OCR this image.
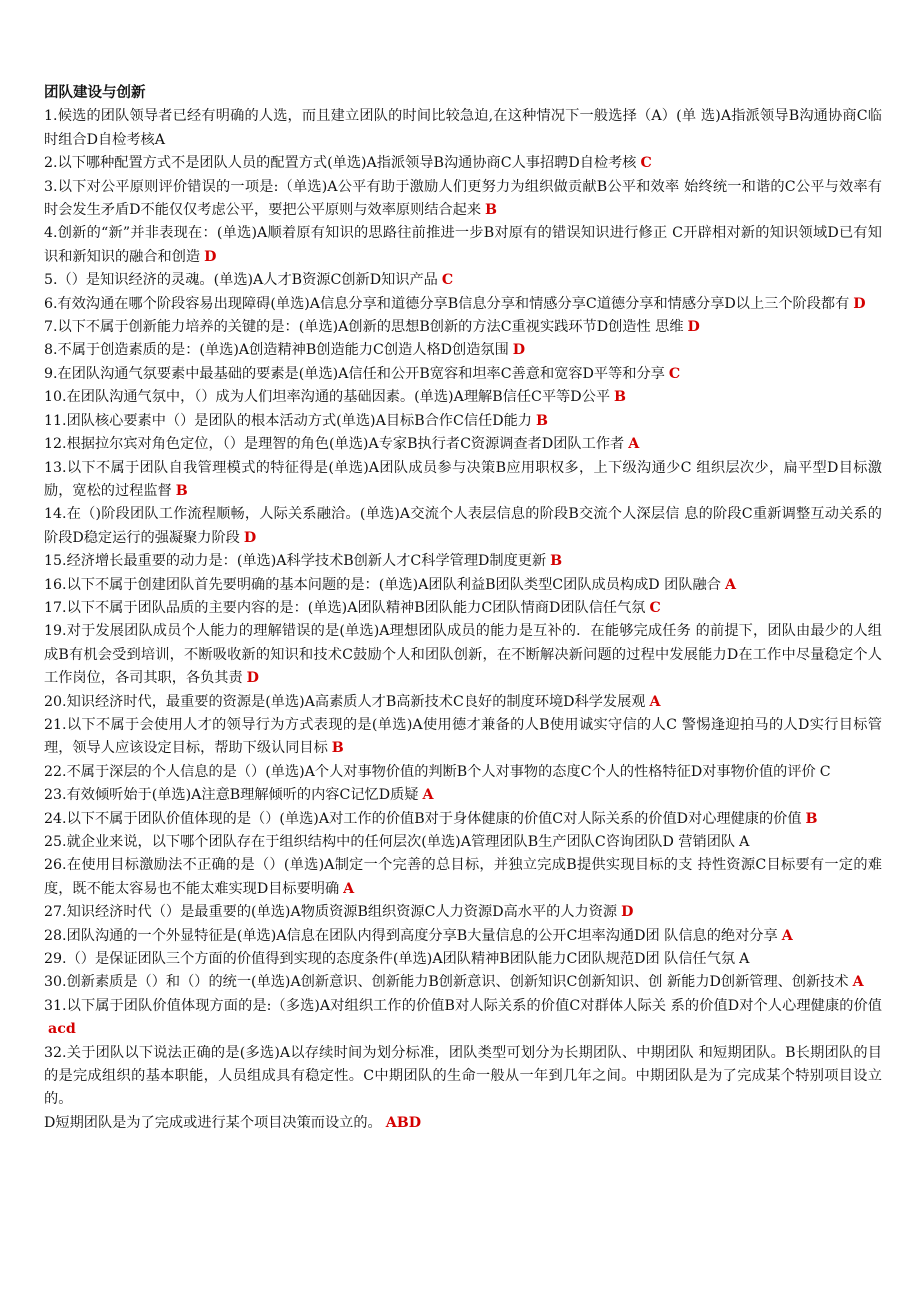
团队建设与创新

1.候选的团队领导者已经有明确的人选，而且建立团队的时间比较急迫,在这种情况下一般选择（A）(单 选)A指派领导B沟通协商C临时组合D自检考核A

2.以下哪种配置方式不是团队人员的配置方式(单选)A指派领导B沟通协商C人事招聘D自检考核 C

3.以下对公平原则评价错误的一项是:（单选)A公平有助于激励人们更努力为组织做贡献B公平和效率 始终统一和谐的C公平与效率有时会发生矛盾D不能仅仅考虑公平，要把公平原则与效率原则结合起来 B

4.创新的“新”并非表现在：(单选)A顺着原有知识的思路往前推进一步B对原有的错误知识进行修正 C开辟相对新的知识领域D已有知识和新知识的融合和创造 D

5.（）是知识经济的灵魂。(单选)A人才B资源C创新D知识产品 C

6.有效沟通在哪个阶段容易出现障碍(单选)A信息分享和道德分享B信息分享和情感分享C道德分享和情感分享D以上三个阶段都有 D

7.以下不属于创新能力培养的关键的是：(单选)A创新的思想B创新的方法C重视实践环节D创造性 思维 D

8.不属于创造素质的是：(单选)A创造精神B创造能力C创造人格D创造氛围 D

9.在团队沟通气氛要素中最基础的要素是(单选)A信任和公开B宽容和坦率C善意和宽容D平等和分享 C

10.在团队沟通气氛中，（）成为人们坦率沟通的基础因素。(单选)A理解B信任C平等D公平 B

11.团队核心要素中（）是团队的根本活动方式(单选)A目标B合作C信任D能力 B

12.根据拉尔宾对角色定位，（）是理智的角色(单选)A专家B执行者C资源调查者D团队工作者 A

13.以下不属于团队自我管理模式的特征得是(单选)A团队成员参与决策B应用职权多，上下级沟通少C 组织层次少，扁平型D目标激励，宽松的过程监督 B

14.在（)阶段团队工作流程顺畅，人际关系融洽。(单选)A交流个人表层信息的阶段B交流个人深层信 息的阶段C重新调整互动关系的阶段D稳定运行的强凝聚力阶段 D

15.经济增长最重要的动力是：(单选)A科学技术B创新人才C科学管理D制度更新 B

16.以下不属于创建团队首先要明确的基本问题的是：(单选)A团队利益B团队类型C团队成员构成D 团队融合 A

17.以下不属于团队品质的主要内容的是：(单选)A团队精神B团队能力C团队情商D团队信任气氛 C

19.对于发展团队成员个人能力的理解错误的是(单选)A理想团队成员的能力是互补的．在能够完成任务 的前提下，团队由最少的人组成B有机会受到培训，不断吸收新的知识和技术C鼓励个人和团队创新，在不断解决新问题的过程中发展能力D在工作中尽量稳定个人工作岗位，各司其职，各负其责 D

20.知识经济时代，最重要的资源是(单选)A高素质人才B高新技术C良好的制度环境D科学发展观 A

21.以下不属于会使用人才的领导行为方式表现的是(单选)A使用德才兼备的人B使用诚实守信的人C 警惕逢迎拍马的人D实行目标管理，领导人应该设定目标，帮助下级认同目标 B

22.不属于深层的个人信息的是（）(单选)A个人对事物价值的判断B个人对事物的态度C个人的性格特征D对事物价值的评价 C

23.有效倾听始于(单选)A注意B理解倾听的内容C记忆D质疑 A

24.以下不属于团队价值体现的是（）(单选)A对工作的价值B对于身体健康的价值C对人际关系的价值D对心理健康的价值 B

25.就企业来说，以下哪个团队存在于组织结构中的任何层次(单选)A管理团队B生产团队C咨询团队D 营销团队 A

26.在使用目标激励法不正确的是（）(单选)A制定一个完善的总目标，并独立完成B提供实现目标的支 持性资源C目标要有一定的难度，既不能太容易也不能太难实现D目标要明确 A

27.知识经济时代（）是最重要的(单选)A物质资源B组织资源C人力资源D高水平的人力资源 D

28.团队沟通的一个外显特征是(单选)A信息在团队内得到高度分享B大量信息的公开C坦率沟通D团 队信息的绝对分享 A

29.（）是保证团队三个方面的价值得到实现的态度条件(单选)A团队精神B团队能力C团队规范D团 队信任气氛 A

30.创新素质是（）和（）的统一(单选)A创新意识、创新能力B创新意识、创新知识C创新知识、创 新能力D创新管理、创新技术 A

31.以下属于团队价值体现方面的是:（多选)A对组织工作的价值B对人际关系的价值C对群体人际关 系的价值D对个人心理健康的价值acd

32.关于团队以下说法正确的是(多选)A以存续时间为划分标准，团队类型可划分为长期团队、中期团队 和短期团队。B长期团队的目的是完成组织的基本职能，人员组成具有稳定性。C中期团队的生命一般从一年到几年之间。中期团队是为了完成某个特别项目设立的。

D短期团队是为了完成或进行某个项目决策而设立的。 ABD
